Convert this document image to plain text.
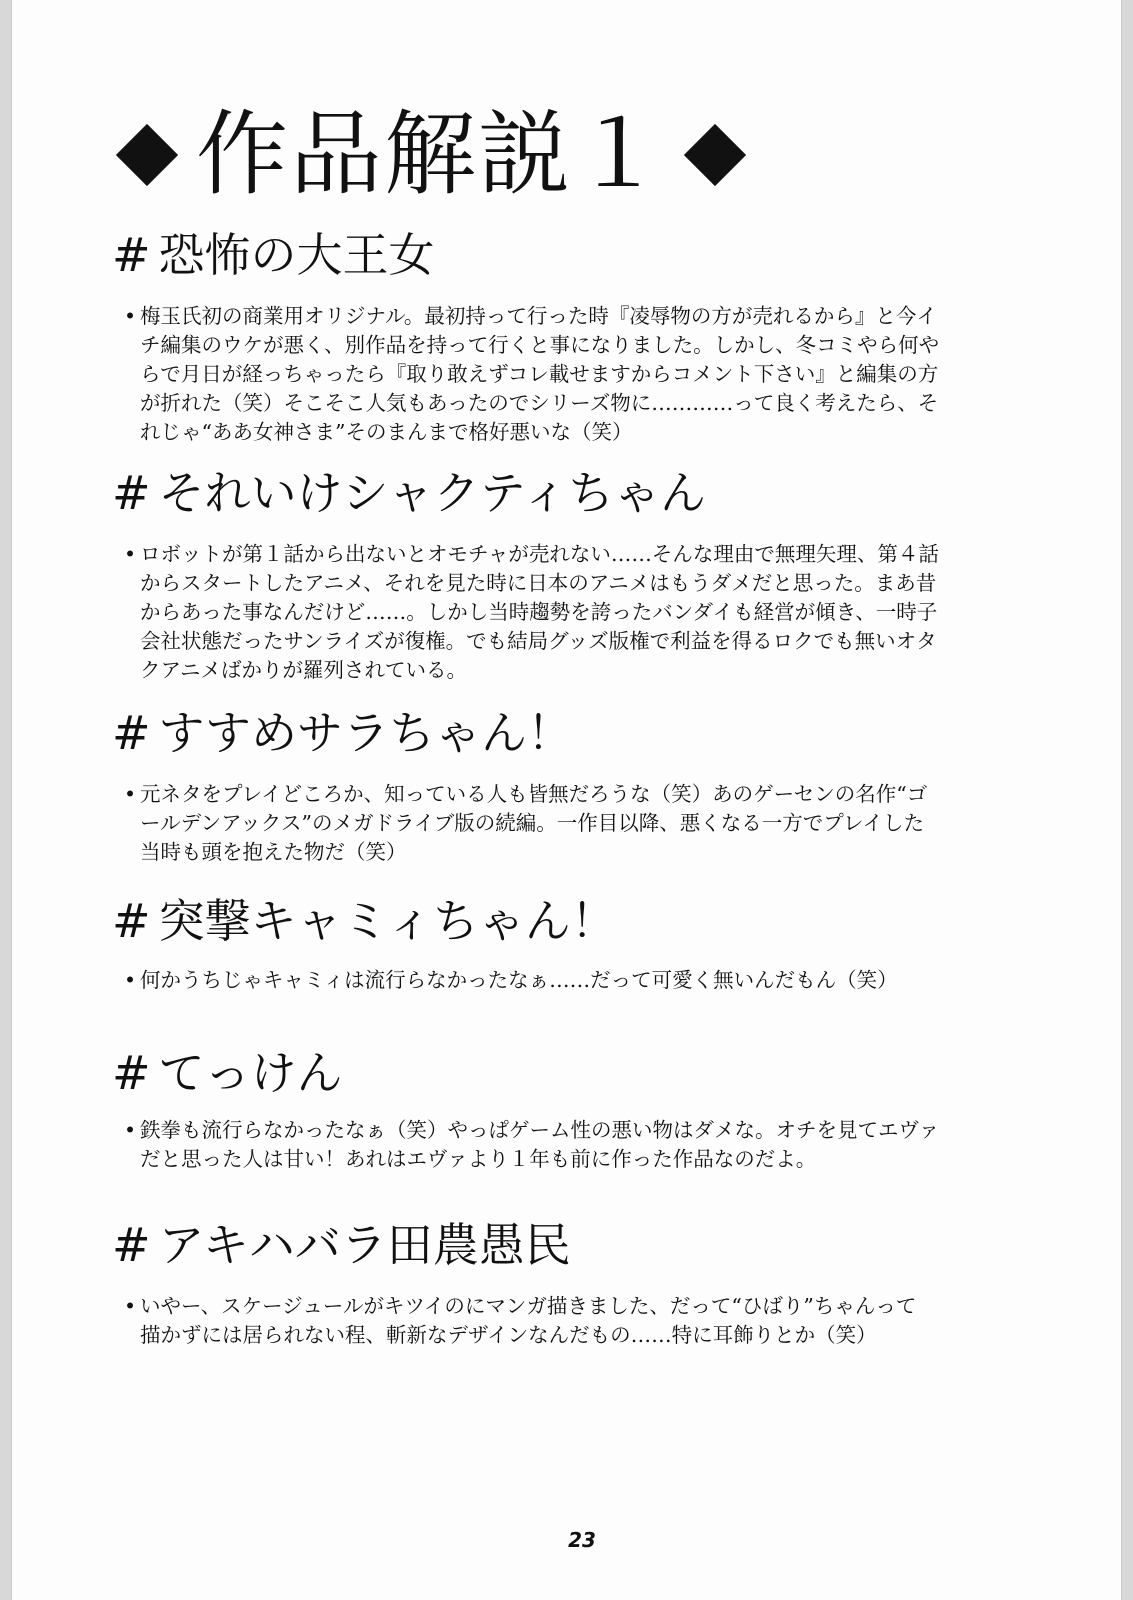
作品解説１
# 恐怖の大王女
• 梅玉氏初の商業用オリジナル。最初持って行った時『凌辱物の方が売れるから』と今イ
チ編集のウケが悪く、別作品を持って行くと事になりました。しかし、冬コミやら何や
らで月日が経っちゃったら『取り敢えずコレ載せますからコメント下さい』と編集の方
が折れた（笑）そこそこ人気もあったのでシリーズ物に…………って良く考えたら、そ
れじゃ“ああ女神さま”そのまんまで格好悪いな（笑）
# それいけシャクティちゃん
• ロボットが第１話から出ないとオモチャが売れない……そんな理由で無理矢理、第４話
からスタートしたアニメ、それを見た時に日本のアニメはもうダメだと思った。まあ昔
からあった事なんだけど……。しかし当時趨勢を誇ったバンダイも経営が傾き、一時子
会社状態だったサンライズが復権。でも結局グッズ版権で利益を得るロクでも無いオタ
クアニメばかりが羅列されている。
# すすめサラちゃん！
• 元ネタをプレイどころか、知っている人も皆無だろうな（笑）あのゲーセンの名作“ゴ
ールデンアックス”のメガドライブ版の続編。一作目以降、悪くなる一方でプレイした
当時も頭を抱えた物だ（笑）
# 突撃キャミィちゃん！
• 何かうちじゃキャミィは流行らなかったなぁ……だって可愛く無いんだもん（笑）
# てっけん
• 鉄拳も流行らなかったなぁ（笑）やっぱゲーム性の悪い物はダメな。オチを見てエヴァ
だと思った人は甘い！あれはエヴァより１年も前に作った作品なのだよ。
# アキハバラ田農愚民
• いやー、スケージュールがキツイのにマンガ描きました、だって“ひばり”ちゃんって
描かずには居られない程、斬新なデザインなんだもの……特に耳飾りとか（笑）
23
